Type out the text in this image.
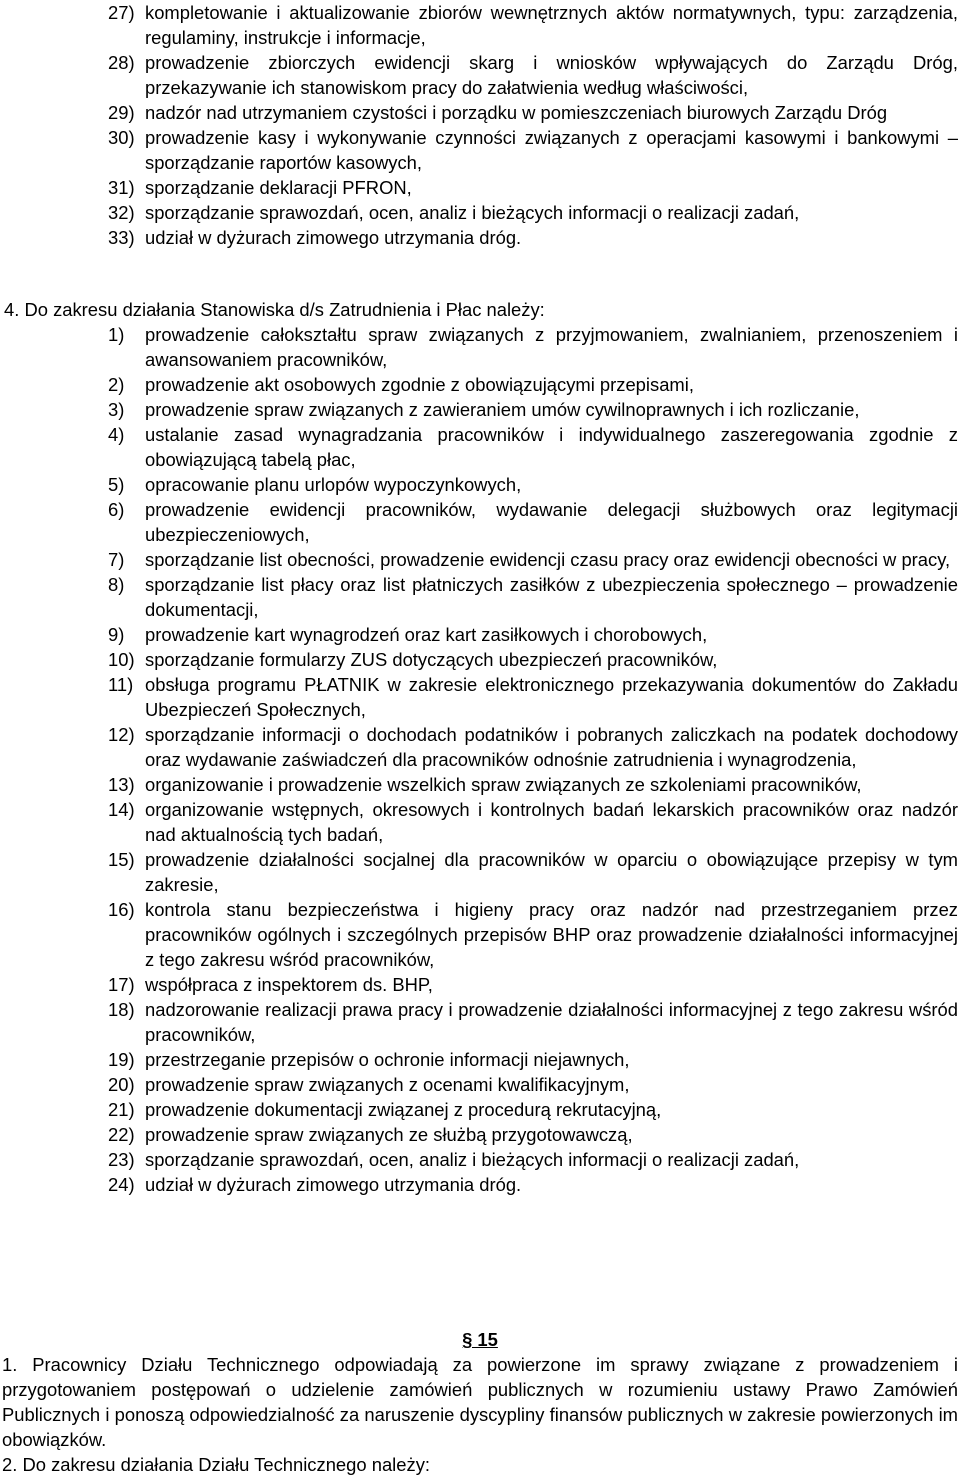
27) kompletowanie i aktualizowanie zbiorów wewnętrznych aktów normatywnych, typu: zarządzenia, regulaminy, instrukcje i informacje,
28) prowadzenie zbiorczych ewidencji skarg i wniosków wpływających do Zarządu Dróg, przekazywanie ich stanowiskom pracy do załatwienia według właściwości,
29) nadzór nad utrzymaniem czystości i porządku w pomieszczeniach biurowych Zarządu Dróg
30) prowadzenie kasy i wykonywanie czynności związanych z operacjami kasowymi i bankowymi – sporządzanie raportów kasowych,
31) sporządzanie deklaracji PFRON,
32) sporządzanie sprawozdań, ocen, analiz i bieżących informacji o realizacji zadań,
33) udział w dyżurach zimowego utrzymania dróg.

4. Do zakresu działania Stanowiska d/s Zatrudnienia i Płac należy:

1) prowadzenie całokształtu spraw związanych z przyjmowaniem, zwalnianiem, przenoszeniem i awansowaniem pracowników,
2) prowadzenie akt osobowych zgodnie z obowiązującymi przepisami,
3) prowadzenie spraw związanych z zawieraniem umów cywilnoprawnych i ich rozliczanie,
4) ustalanie zasad wynagradzania pracowników i indywidualnego zaszeregowania zgodnie z obowiązującą tabelą płac,
5) opracowanie planu urlopów wypoczynkowych,
6) prowadzenie ewidencji pracowników, wydawanie delegacji służbowych oraz legitymacji ubezpieczeniowych,
7) sporządzanie list obecności, prowadzenie ewidencji czasu pracy oraz ewidencji obecności w pracy,
8) sporządzanie list płacy oraz list płatniczych zasiłków z ubezpieczenia społecznego – prowadzenie dokumentacji,
9) prowadzenie kart wynagrodzeń oraz kart zasiłkowych i chorobowych,
10) sporządzanie formularzy ZUS dotyczących ubezpieczeń pracowników,
11) obsługa programu PŁATNIK w zakresie elektronicznego przekazywania dokumentów do Zakładu Ubezpieczeń Społecznych,
12) sporządzanie informacji o dochodach podatników i pobranych zaliczkach na podatek dochodowy oraz wydawanie zaświadczeń dla pracowników odnośnie zatrudnienia i wynagrodzenia,
13) organizowanie i prowadzenie wszelkich spraw związanych ze szkoleniami pracowników,
14) organizowanie wstępnych, okresowych i kontrolnych badań lekarskich pracowników oraz nadzór nad aktualnością tych badań,
15) prowadzenie działalności socjalnej dla pracowników w oparciu o obowiązujące przepisy w tym zakresie,
16) kontrola stanu bezpieczeństwa i higieny pracy oraz nadzór nad przestrzeganiem przez pracowników ogólnych i szczególnych przepisów BHP oraz prowadzenie działalności informacyjnej z tego zakresu wśród pracowników,
17) współpraca z inspektorem ds. BHP,
18) nadzorowanie realizacji prawa pracy i prowadzenie działalności informacyjnej z tego zakresu wśród pracowników,
19) przestrzeganie przepisów o ochronie informacji niejawnych,
20) prowadzenie spraw związanych z ocenami kwalifikacyjnym,
21) prowadzenie dokumentacji związanej z procedurą rekrutacyjną,
22) prowadzenie spraw związanych ze służbą przygotowawczą,
23) sporządzanie sprawozdań, ocen, analiz i bieżących informacji o realizacji zadań,
24) udział w dyżurach zimowego utrzymania dróg.
§ 15

1. Pracownicy Działu Technicznego odpowiadają za powierzone im sprawy związane z prowadzeniem i przygotowaniem postępowań o udzielenie zamówień publicznych w rozumieniu ustawy Prawo Zamówień Publicznych i ponoszą odpowiedzialność za naruszenie dyscypliny finansów publicznych w zakresie powierzonych im obowiązków.

2. Do zakresu działania Działu Technicznego należy:
